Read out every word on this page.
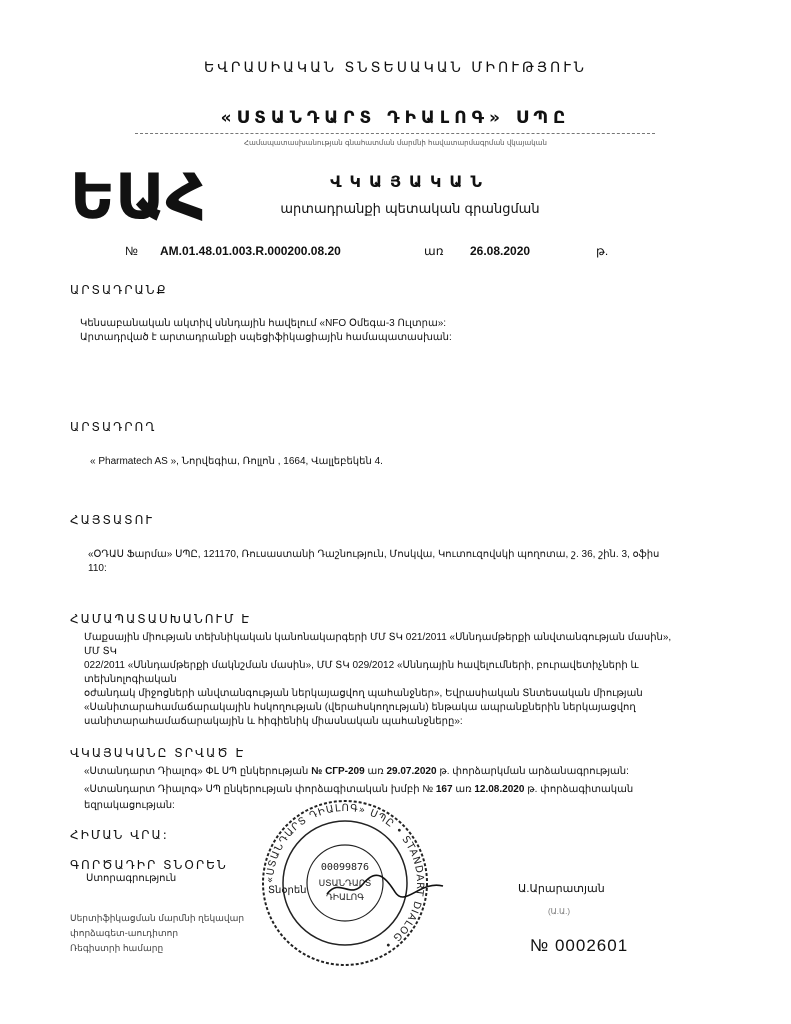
ԵՎՐԱՍԻԱԿԱՆ ՏՆՏԵՍԱԿԱՆ ՄԻՈՒԹՅՈՒՆ
«ՍՏԱՆԴԱՐՏ ԴԻԱԼՈԳ» ՍՊԸ
Համապատասխանության գնահատման մարմնի հավատարմագրման վկայական
ԵԱՀ	ՎԿԱՅԱԿԱՆ
արտադրանքի պետական գրանցման
№ AM.01.48.01.003.R.000200.08.20	առ 26.08.2020	թ.
ԱՐՏԱԴՐԱՆՔ
Կենսաբանական ակտիվ սննդային հավելում «NFO Օմեգա-3 Ուլտրա»:
Արտադրված է արտադրանքի սպեցիֆիկացիային համապատասխան:
ԱՐՏԱԴՐՈՂ
« Pharmatech AS », Նորվեգիա, Ռոլլոն , 1664, Վալլեբեկեն 4.
ՀԱՅՏԱՏՈՒ
«ՕԴԱՍ Ֆարմա» ՍՊԸ, 121170, Ռուսաստանի Դաշնություն, Մոսկվա, Կուտուզովսկի պողոտա, շ. 36, շին. 3, օֆիս
110:
ՀԱՄԱՊԱՏԱՍԽԱՆՈՒՄ Է
Մաքսային միության տեխնիկական կանոնակարգերի ՄՄ ՏԿ 021/2011 «Սննդամթերքի անվտանգության մասին», ՄՄ ՏԿ
022/2011 «Սննդամթերքի մակնշման մասին», ՄՄ ՏԿ 029/2012 «Սննդային հավելումների, բուրավետիչների և տեխնոլոգիական
օժանդակ միջոցների անվտանգության ներկայացվող պահանջներ», Եվրասիական Տնտեսական միության
«Սանիտարահամաճարակային հսկողության (վերահսկողության) ենթակա ապրանքներին ներկայացվող
սանիտարահամաճարակային և հիգիենիկ միասնական պահանջները»:
ՎԿԱՅԱԿԱՆԸ ՏՐՎԱԾ Է
«Ստանդարտ Դիալոգ» ՓԼ ՍՊ ընկերության № СГР-209 առ 29.07.2020 թ. փորձարկման արձանագրության:
«Ստանդարտ Դիալոգ» ՍՊ ընկերության փորձագիտական խմբի № 167 առ 12.08.2020 թ. փորձագիտական
եզրակացության:
ՀԻՄԱՆ ՎՐԱ:
ԳՈՐԾԱԴԻՐ ՏՆՕՐԵՆ
Ստորագրություն
Տնօրեն	Ա.Արարատյան
(Ա.Ա.)
«ՍՏԱՆԴԱՐՏ ԴԻԱԼՈԳ» ՍՊԸ • STANDART DIALOG •
00099876
ՍՏԱՆԴԱՐՏ
ԴԻԱԼՈԳ
Սերտիֆիկացման մարմնի ղեկավար
փորձագետ-աուդիտոր
Ռեգիստրի համարը	№ 0002601
